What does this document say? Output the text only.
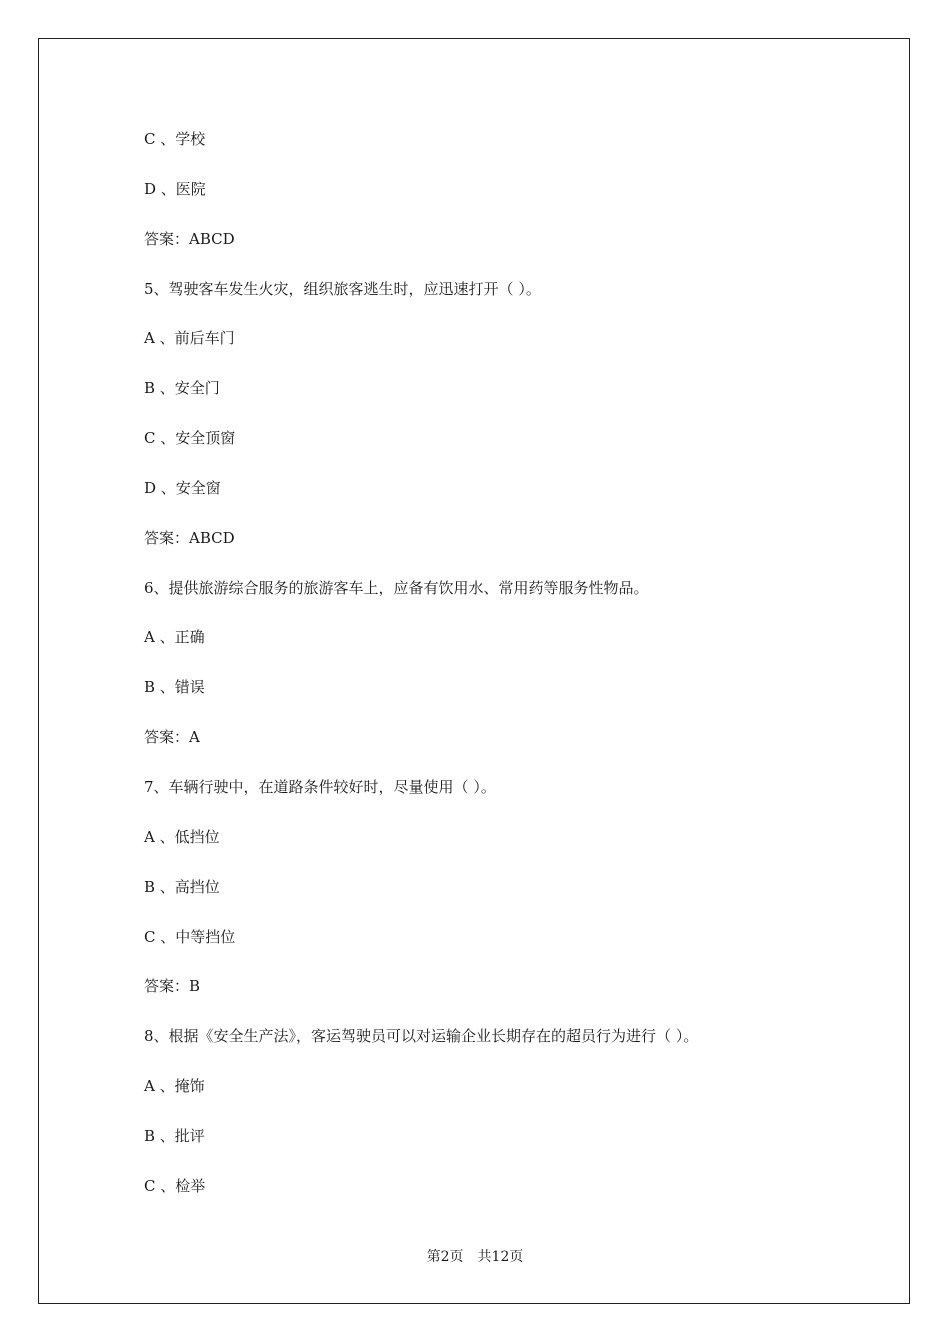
C 、学校
D 、医院
答案：ABCD
5、驾驶客车发生火灾，组织旅客逃生时，应迅速打开（ ）。
A 、前后车门
B 、安全门
C 、安全顶窗
D 、安全窗
答案：ABCD
6、提供旅游综合服务的旅游客车上，应备有饮用水、常用药等服务性物品。
A 、正确
B 、错误
答案：A
7、车辆行驶中，在道路条件较好时，尽量使用（ ）。
A 、低挡位
B 、高挡位
C 、中等挡位
答案：B
8、根据《安全生产法》，客运驾驶员可以对运输企业长期存在的超员行为进行（ ）。
A 、掩饰
B 、批评
C 、检举
第2页 共12页
